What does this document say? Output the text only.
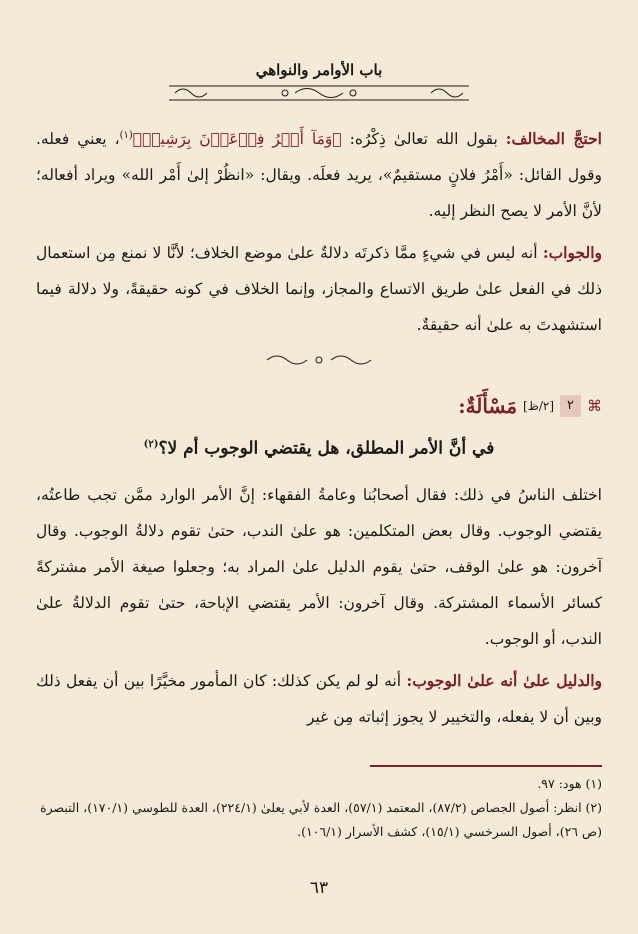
باب الأوامر والنواهي

احتجَّ المخالف: بقول الله تعالىٰ ذِكْرُه: ﴿وَمَآ أَمۡرُ فِرۡعَوۡنَ بِرَشِيدٖ﴾$^{(١)}$، يعني فعله. وقول القائل: «أَمْرُ فلانٍ مستقيمٌ»، يريد فعلَه. ويقال: «انظُرْ إلىٰ أَمْر الله» ويراد أفعاله؛ لأنَّ الأمر لا يصح النظر إليه.

والجواب: أنه ليس في شيءٍ ممَّا ذكرتَه دلالةٌ علىٰ موضع الخلاف؛ لأنَّا لا نمنع مِن استعمال ذلك في الفعل علىٰ طريق الاتساع والمجاز، وإنما الخلاف في كونه حقيقةً، ولا دلالة فيما استشهدتَ به علىٰ أنه حقيقةٌ.

⌘
٢
[٢/ظ]
مَسْأَلَةٌ:
في أنَّ الأمر المطلق، هل يقتضي الوجوب أم لا؟$^{(٢)}$

اختلف الناسُ في ذلك: فقال أصحابُنا وعامةُ الفقهاء: إنَّ الأمر الوارد ممَّن تجب طاعتُه، يقتضي الوجوب. وقال بعض المتكلمين: هو علىٰ الندب، حتىٰ تقوم دلالةُ الوجوب. وقال آخرون: هو علىٰ الوقف، حتىٰ يقوم الدليل علىٰ المراد به؛ وجعلوا صيغة الأمر مشتركةً كسائر الأسماء المشتركة. وقال آخرون: الأمر يقتضي الإباحة، حتىٰ تقوم الدلالةُ علىٰ الندب، أو الوجوب.

والدليل علىٰ أنه علىٰ الوجوب: أنه لو لم يكن كذلك: كان المأمور مخيَّرًا بين أن يفعل ذلك وبين أن لا يفعله، والتخيير لا يجوز إثباته مِن غير

(١) هود: ٩٧.

(٢) انظر: أصول الجصاص (٨٧/٢)، المعتمد (٥٧/١)، العدة لأبي يعلىٰ (٢٢٤/١)، العدة للطوسي (١٧٠/١)، التبصرة (ص ٢٦)، أصول السرخسي (١٥/١)، كشف الأسرار (١٠٦/١).

٦٣
